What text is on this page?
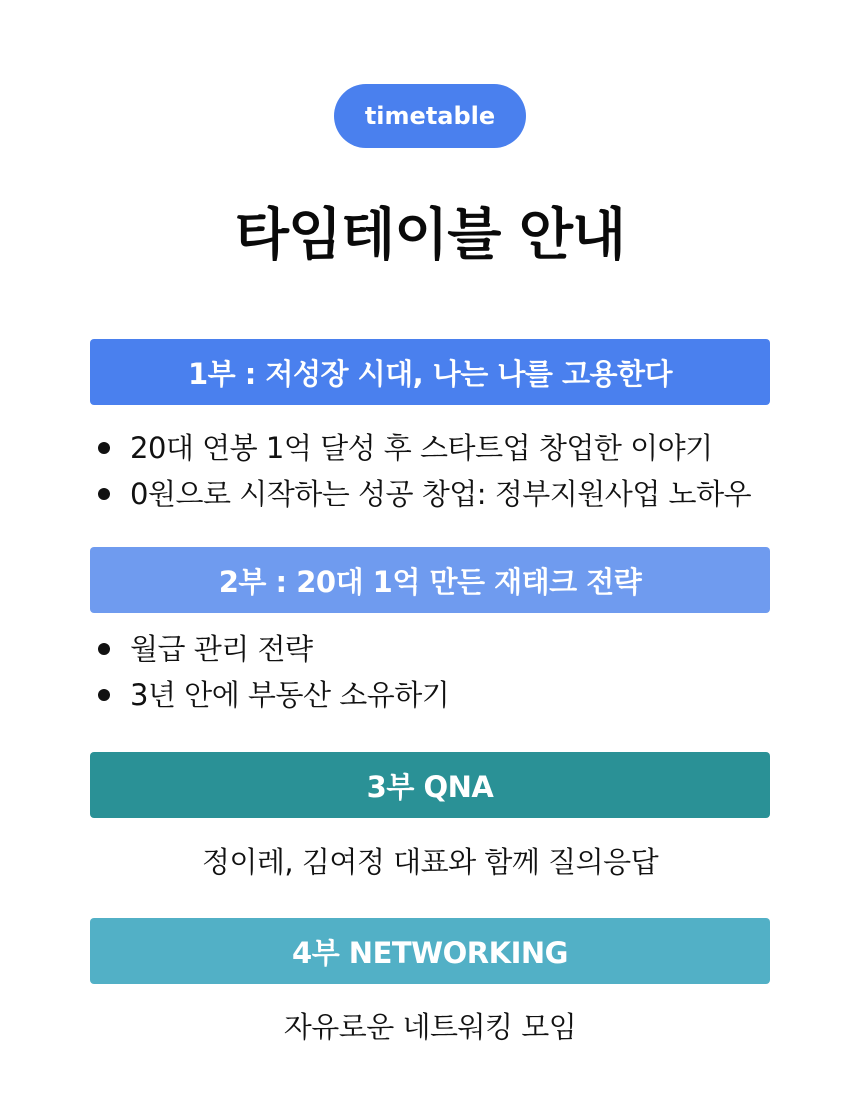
timetable
타임테이블 안내
1부 : 저성장 시대, 나는 나를 고용한다
20대 연봉 1억 달성 후 스타트업 창업한 이야기
0원으로 시작하는 성공 창업: 정부지원사업 노하우
2부 : 20대 1억 만든 재태크 전략
월급 관리 전략
3년 안에 부동산 소유하기
3부 QNA

정이레, 김여정 대표와 함께 질의응답

4부 NETWORKING

자유로운 네트워킹 모임
